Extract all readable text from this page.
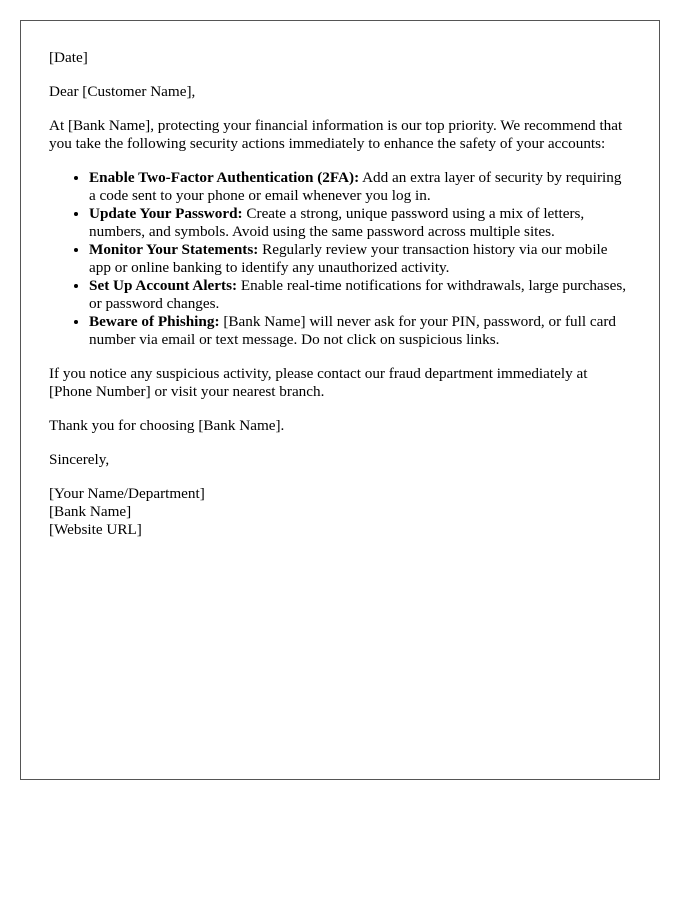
[Date]

Dear [Customer Name],

At [Bank Name], protecting your financial information is our top priority. We recommend that you take the following security actions immediately to enhance the safety of your accounts:

• Enable Two-Factor Authentication (2FA): Add an extra layer of security by requiring a code sent to your phone or email whenever you log in.
• Update Your Password: Create a strong, unique password using a mix of letters, numbers, and symbols. Avoid using the same password across multiple sites.
• Monitor Your Statements: Regularly review your transaction history via our mobile app or online banking to identify any unauthorized activity.
• Set Up Account Alerts: Enable real-time notifications for withdrawals, large purchases, or password changes.
• Beware of Phishing: [Bank Name] will never ask for your PIN, password, or full card number via email or text message. Do not click on suspicious links.

If you notice any suspicious activity, please contact our fraud department immediately at [Phone Number] or visit your nearest branch.

Thank you for choosing [Bank Name].

Sincerely,

[Your Name/Department]
[Bank Name]
[Website URL]
